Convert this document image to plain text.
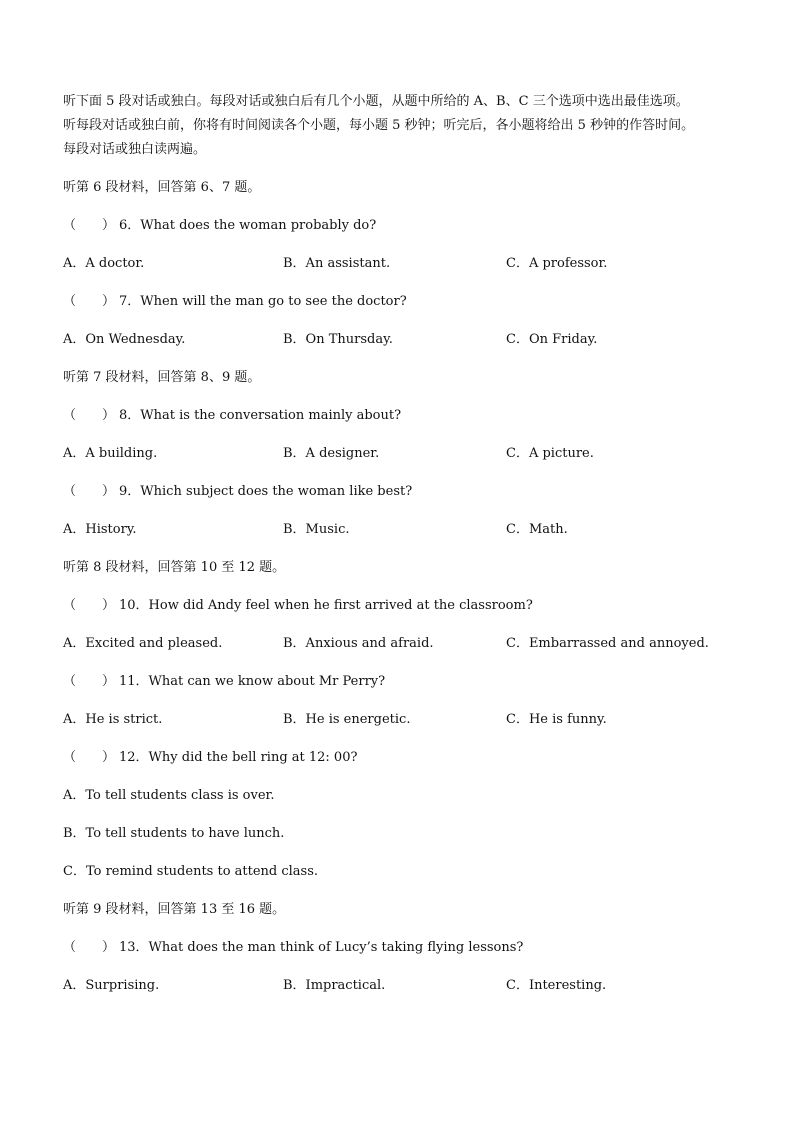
听下面 5 段对话或独白。每段对话或独白后有几个小题，从题中所给的 A、B、C 三个选项中选出最佳选项。
听每段对话或独白前，你将有时间阅读各个小题，每小题 5 秒钟；听完后，各小题将给出 5 秒钟的作答时间。
每段对话或独白读两遍。
听第 6 段材料，回答第 6、7 题。
（　　） 6．What does the woman probably do?
A．A doctor.	B．An assistant.	C．A professor.
（　　） 7．When will the man go to see the doctor?
A．On Wednesday.	B．On Thursday.	C．On Friday.
听第 7 段材料，回答第 8、9 题。
（　　） 8．What is the conversation mainly about?
A．A building.	B．A designer.	C．A picture.
（　　） 9．Which subject does the woman like best?
A．History.	B．Music.	C．Math.
听第 8 段材料，回答第 10 至 12 题。
（　　） 10．How did Andy feel when he first arrived at the classroom?
A．Excited and pleased.	B．Anxious and afraid.	C．Embarrassed and annoyed.
（　　） 11．What can we know about Mr Perry?
A．He is strict.	B．He is energetic.	C．He is funny.
（　　） 12．Why did the bell ring at 12: 00?
A．To tell students class is over.
B．To tell students to have lunch.
C．To remind students to attend class.
听第 9 段材料，回答第 13 至 16 题。
（　　） 13．What does the man think of Lucy’s taking flying lessons?
A．Surprising.	B．Impractical.	C．Interesting.
